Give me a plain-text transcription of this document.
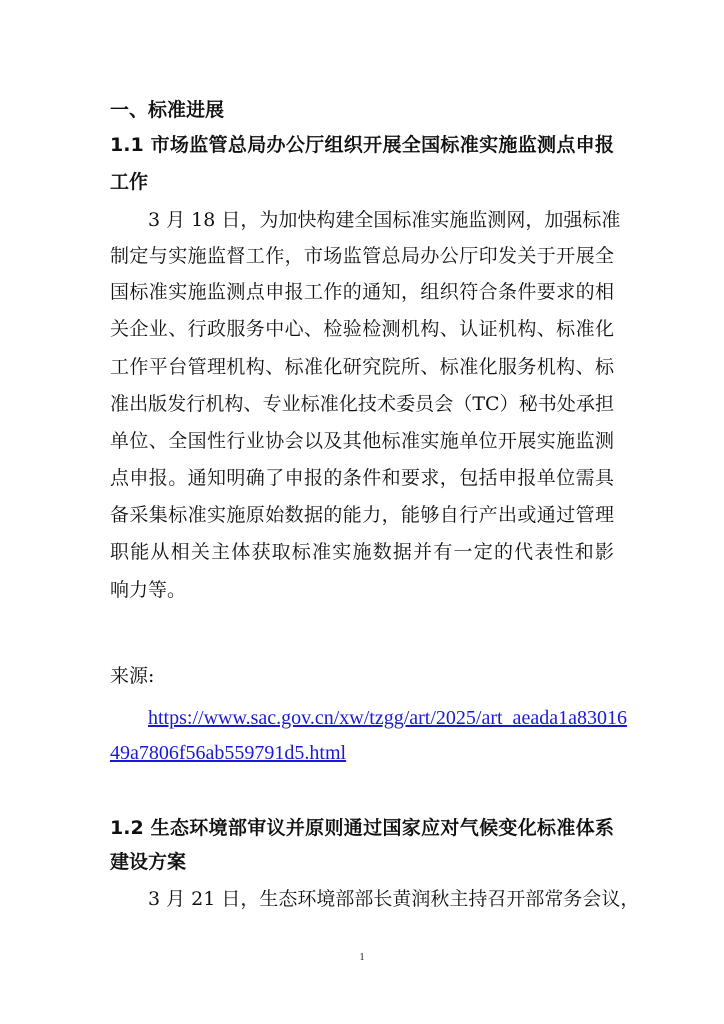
一、标准进展
1.1 市场监管总局办公厅组织开展全国标准实施监测点申报
工作
3 月 18 日，为加快构建全国标准实施监测网，加强标准
制定与实施监督工作，市场监管总局办公厅印发关于开展全
国标准实施监测点申报工作的通知，组织符合条件要求的相
关企业、行政服务中心、检验检测机构、认证机构、标准化
工作平台管理机构、标准化研究院所、标准化服务机构、标
准出版发行机构、专业标准化技术委员会（TC）秘书处承担
单位、全国性行业协会以及其他标准实施单位开展实施监测
点申报。通知明确了申报的条件和要求，包括申报单位需具
备采集标准实施原始数据的能力，能够自行产出或通过管理
职能从相关主体获取标准实施数据并有一定的代表性和影
响力等。
来源:
https://www.sac.gov.cn/xw/tzgg/art/2025/art_aeada1a83016
49a7806f56ab559791d5.html
1.2 生态环境部审议并原则通过国家应对气候变化标准体系
建设方案
3 月 21 日，生态环境部部长黄润秋主持召开部常务会议，
1
